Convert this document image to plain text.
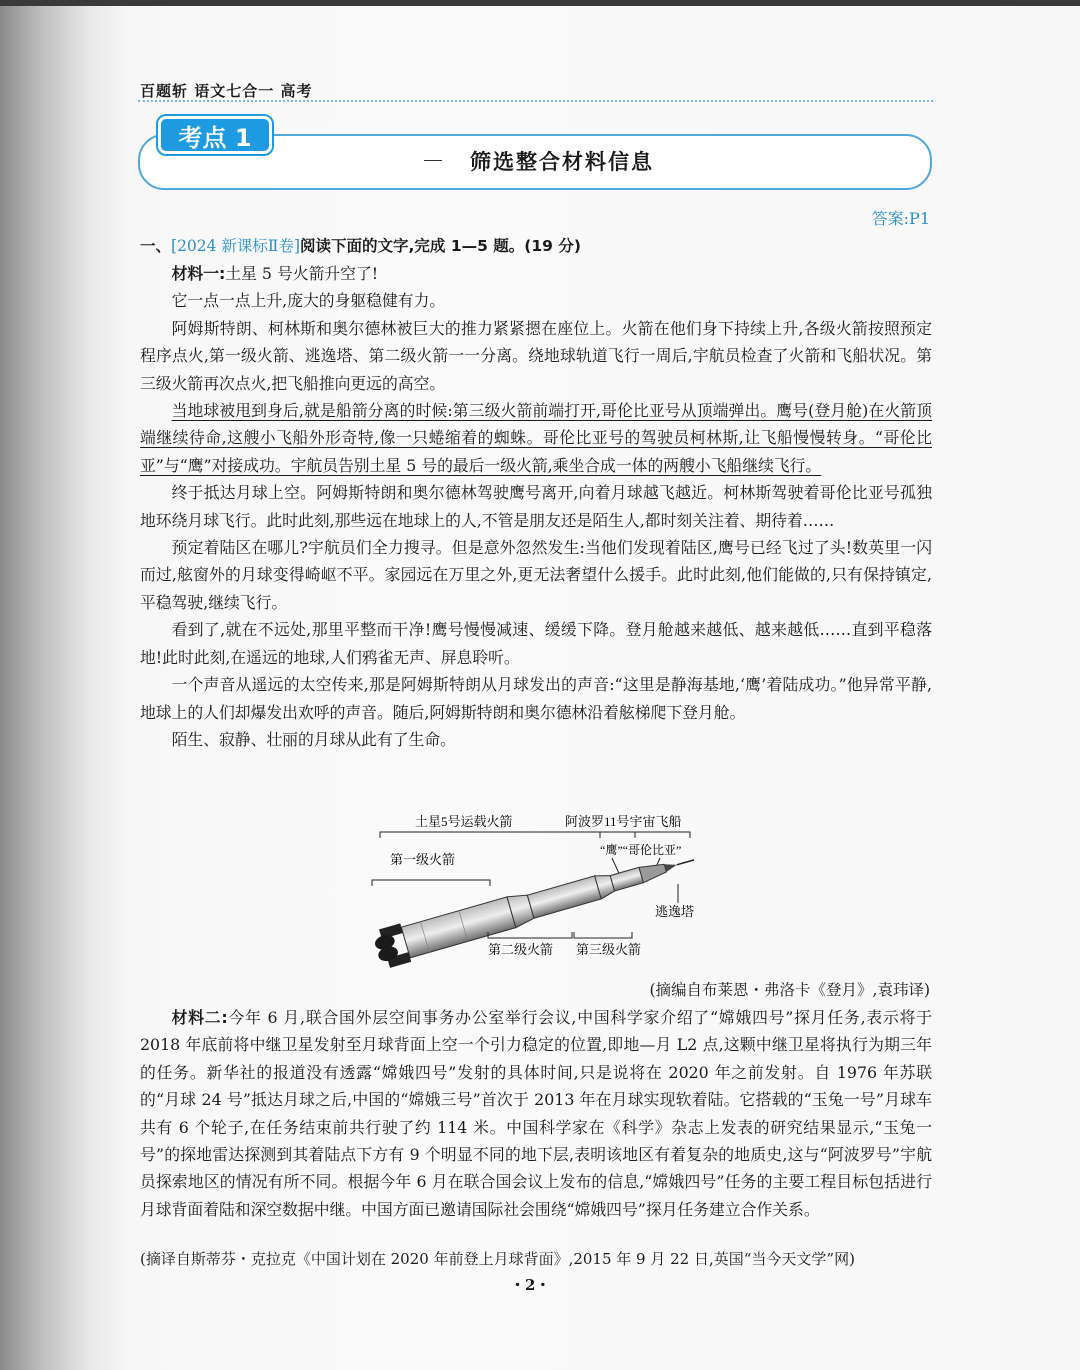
百题斩 语文七合一 高考
考点 1
筛选整合材料信息
答案:P1
一、[2024 新课标Ⅱ卷]阅读下面的文字,完成 1—5 题。(19 分)

材料一:土星 5 号火箭升空了!

它一点一点上升,庞大的身躯稳健有力。

阿姆斯特朗、柯林斯和奥尔德林被巨大的推力紧紧摁在座位上。火箭在他们身下持续上升,各级火箭按照预定程序点火,第一级火箭、逃逸塔、第二级火箭一一分离。绕地球轨道飞行一周后,宇航员检查了火箭和飞船状况。第三级火箭再次点火,把飞船推向更远的高空。

当地球被甩到身后,就是船箭分离的时候:第三级火箭前端打开,哥伦比亚号从顶端弹出。鹰号(登月舱)在火箭顶端继续待命,这艘小飞船外形奇特,像一只蜷缩着的蜘蛛。哥伦比亚号的驾驶员柯林斯,让飞船慢慢转身。“哥伦比亚”与“鹰”对接成功。宇航员告别土星 5 号的最后一级火箭,乘坐合成一体的两艘小飞船继续飞行。

终于抵达月球上空。阿姆斯特朗和奥尔德林驾驶鹰号离开,向着月球越飞越近。柯林斯驾驶着哥伦比亚号孤独地环绕月球飞行。此时此刻,那些远在地球上的人,不管是朋友还是陌生人,都时刻关注着、期待着……

预定着陆区在哪儿?宇航员们全力搜寻。但是意外忽然发生:当他们发现着陆区,鹰号已经飞过了头!数英里一闪而过,舷窗外的月球变得崎岖不平。家园远在万里之外,更无法奢望什么援手。此时此刻,他们能做的,只有保持镇定,平稳驾驶,继续飞行。

看到了,就在不远处,那里平整而干净!鹰号慢慢减速、缓缓下降。登月舱越来越低、越来越低……直到平稳落地!此时此刻,在遥远的地球,人们鸦雀无声、屏息聆听。

一个声音从遥远的太空传来,那是阿姆斯特朗从月球发出的声音:“这里是静海基地,‘鹰’着陆成功。”他异常平静,地球上的人们却爆发出欢呼的声音。随后,阿姆斯特朗和奥尔德林沿着舷梯爬下登月舱。

陌生、寂静、壮丽的月球从此有了生命。

土星5号运载火箭	阿波罗11号宇宙飞船
第一级火箭
“鹰”“哥伦比亚”
逃逸塔
第二级火箭 第三级火箭
(摘编自布莱恩・弗洛卡《登月》,袁玮译)

材料二:今年 6 月,联合国外层空间事务办公室举行会议,中国科学家介绍了“嫦娥四号”探月任务,表示将于 2018 年底前将中继卫星发射至月球背面上空一个引力稳定的位置,即地—月 L2 点,这颗中继卫星将执行为期三年的任务。新华社的报道没有透露“嫦娥四号”发射的具体时间,只是说将在 2020 年之前发射。自 1976 年苏联的“月球 24 号”抵达月球之后,中国的“嫦娥三号”首次于 2013 年在月球实现软着陆。它搭载的“玉兔一号”月球车共有 6 个轮子,在任务结束前共行驶了约 114 米。中国科学家在《科学》杂志上发表的研究结果显示,“玉兔一号”的探地雷达探测到其着陆点下方有 9 个明显不同的地下层,表明该地区有着复杂的地质史,这与“阿波罗号”宇航员探索地区的情况有所不同。根据今年 6 月在联合国会议上发布的信息,“嫦娥四号”任务的主要工程目标包括进行月球背面着陆和深空数据中继。中国方面已邀请国际社会围绕“嫦娥四号”探月任务建立合作关系。

(摘译自斯蒂芬・克拉克《中国计划在 2020 年前登上月球背面》,2015 年 9 月 22 日,英国“当今天文学”网)
・2・
